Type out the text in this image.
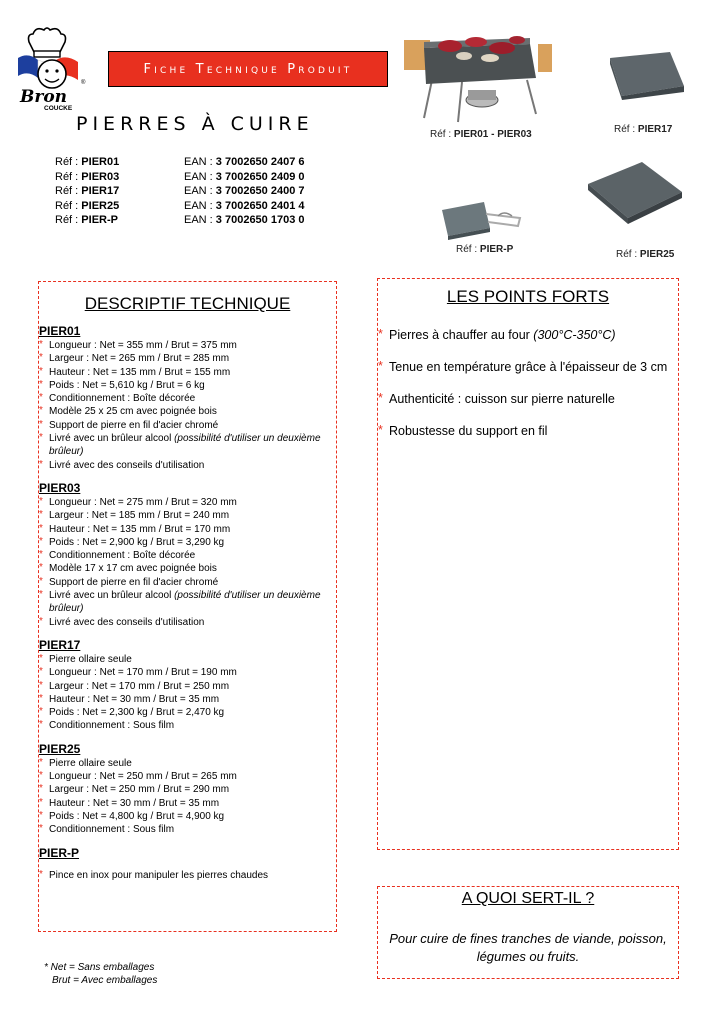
Bron
®
COUCKE
Fiche Technique Produit
PIERRES À CUIRE
Réf : PIER01	EAN : 3 7002650 2407 6
Réf : PIER03	EAN : 3 7002650 2409 0
Réf : PIER17	EAN : 3 7002650 2400 7
Réf : PIER25	EAN : 3 7002650 2401 4
Réf : PIER-P	EAN : 3 7002650 1703 0
Réf : PIER01 - PIER03	Réf : PIER17
Réf : PIER25
Réf : PIER-P
DESCRIPTIF TECHNIQUE
PIER01
* Longueur : Net = 355 mm / Brut = 375 mm
* Largeur : Net = 265 mm / Brut = 285 mm
* Hauteur : Net = 135 mm / Brut = 155 mm
* Poids : Net = 5,610 kg / Brut = 6 kg
* Conditionnement : Boîte décorée
* Modèle 25 x 25 cm avec poignée bois
* Support de pierre en fil d'acier chromé
* Livré avec un brûleur alcool (possibilité d'utiliser un deuxième brûleur)
* Livré avec des conseils d'utilisation
PIER03
* Longueur : Net = 275 mm / Brut = 320 mm
* Largeur : Net = 185 mm / Brut = 240 mm
* Hauteur : Net = 135 mm / Brut = 170 mm
* Poids : Net = 2,900 kg / Brut = 3,290 kg
* Conditionnement : Boîte décorée
* Modèle 17 x 17 cm avec poignée bois
* Support de pierre en fil d'acier chromé
* Livré avec un brûleur alcool (possibilité d'utiliser un deuxième brûleur)
* Livré avec des conseils d'utilisation
PIER17
* Pierre ollaire seule
* Longueur : Net = 170 mm / Brut = 190 mm
* Largeur : Net = 170 mm / Brut = 250 mm
* Hauteur : Net = 30 mm / Brut = 35 mm
* Poids : Net = 2,300 kg / Brut = 2,470 kg
* Conditionnement : Sous film
PIER25
* Pierre ollaire seule
* Longueur : Net = 250 mm / Brut = 265 mm
* Largeur : Net = 250 mm / Brut = 290 mm
* Hauteur : Net = 30 mm / Brut = 35 mm
* Poids : Net = 4,800 kg / Brut = 4,900 kg
* Conditionnement : Sous film
PIER-P
* Pince en inox pour manipuler les pierres chaudes
LES POINTS FORTS
* Pierres à chauffer au four (300°C-350°C)
* Tenue en température grâce à l'épaisseur de 3 cm
* Authenticité : cuisson sur pierre naturelle
* Robustesse du support en fil
A QUOI SERT-IL ?
Pour cuire de fines tranches de viande, poisson, légumes ou fruits.
* Net = Sans emballages
Brut = Avec emballages
